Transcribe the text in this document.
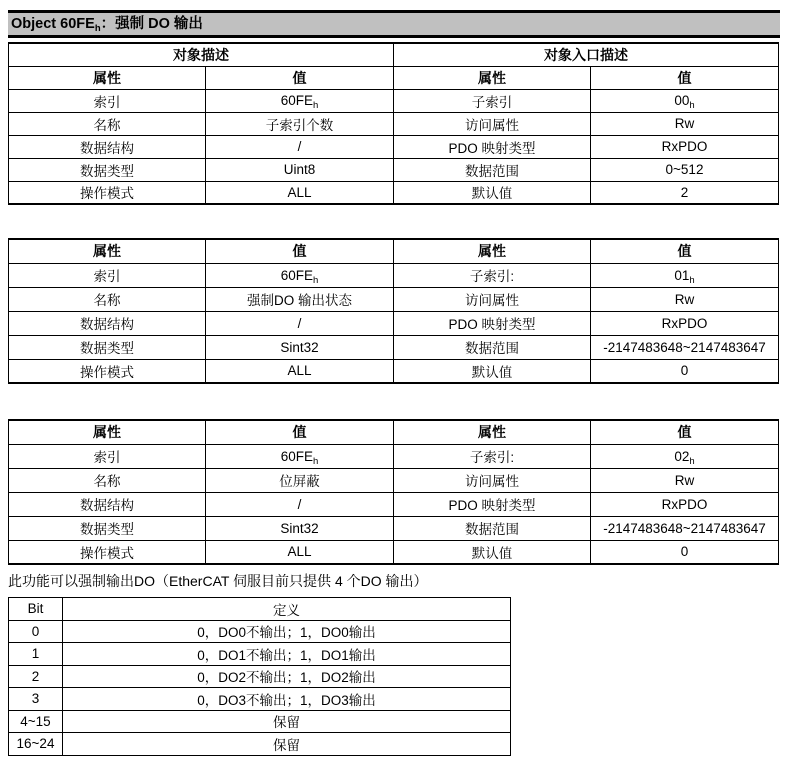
Object $60FE_h$：强制 DO 输出
对象描述		对象入口描述	
属性	值	属性	值
索引	$60FE_h$	子索引	$00_h$
名称	子索引个数	访问属性	Rw
数据结构	/	PDO 映射类型	RxPDO
数据类型	Uint8	数据范围	0~512
操作模式	ALL	默认值	2
属性	值	属性	值
索引	$60FE_h$	子索引:	$01_h$
名称	强制DO 输出状态	访问属性	Rw
数据结构	/	PDO 映射类型	RxPDO
数据类型	Sint32	数据范围	-2147483648~2147483647
操作模式	ALL	默认值	0
属性	值	属性	值
索引	$60FE_h$	子索引:	$02_h$
名称	位屏蔽	访问属性	Rw
数据结构	/	PDO 映射类型	RxPDO
数据类型	Sint32	数据范围	-2147483648~2147483647
操作模式	ALL	默认值	0
此功能可以强制输出DO（EtherCAT 伺服目前只提供 4 个DO 输出）
Bit	定义
0	0，DO0不输出；1，DO0输出
1	0，DO1不输出；1，DO1输出
2	0，DO2不输出；1，DO2输出
3	0，DO3不输出；1，DO3输出
4~15	保留
16~24	保留
